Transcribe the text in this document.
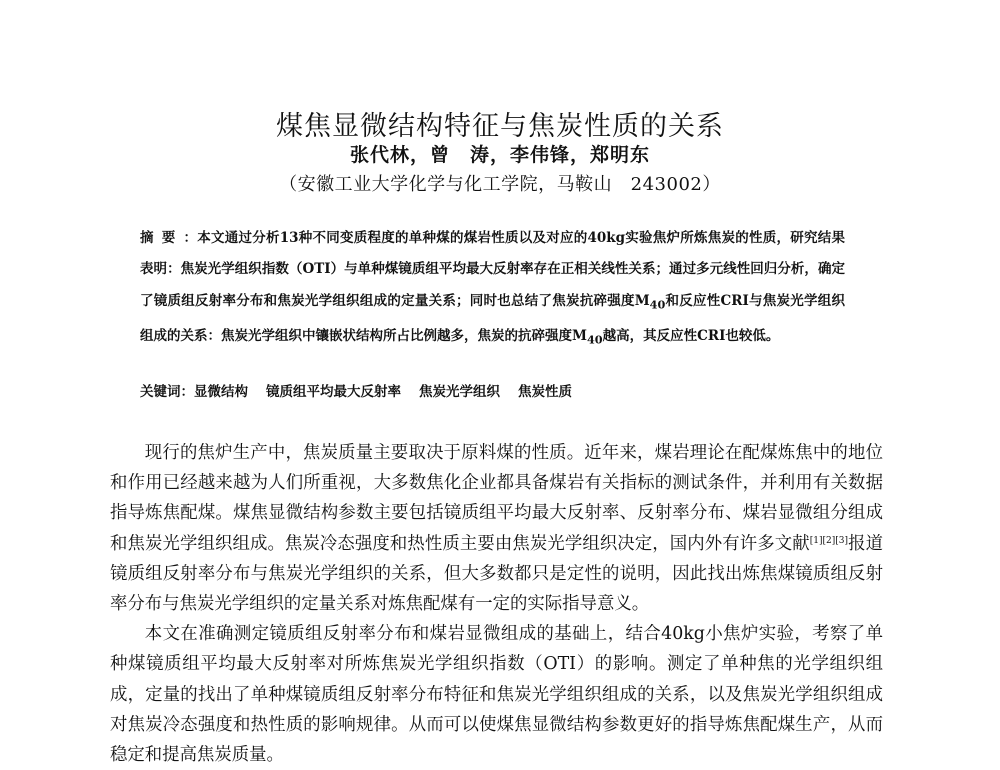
煤焦显微结构特征与焦炭性质的关系
张代林，曾　涛，李伟锋，郑明东
（安徽工业大学化学与化工学院，马鞍山　243002）
摘要：本文通过分析13种不同变质程度的单种煤的煤岩性质以及对应的40kg实验焦炉所炼焦炭的性质，研究结果表明：焦炭光学组织指数（OTI）与单种煤镜质组平均最大反射率存在正相关线性关系；通过多元线性回归分析，确定了镜质组反射率分布和焦炭光学组织组成的定量关系；同时也总结了焦炭抗碎强度$M_{40}$和反应性CRI与焦炭光学组织组成的关系：焦炭光学组织中镶嵌状结构所占比例越多，焦炭的抗碎强度$M_{40}$越高，其反应性CRI也较低。
关键词：显微结构 镜质组平均最大反射率 焦炭光学组织 焦炭性质

现行的焦炉生产中，焦炭质量主要取决于原料煤的性质。近年来，煤岩理论在配煤炼焦中的地位和作用已经越来越为人们所重视，大多数焦化企业都具备煤岩有关指标的测试条件，并利用有关数据指导炼焦配煤。煤焦显微结构参数主要包括镜质组平均最大反射率、反射率分布、煤岩显微组分组成和焦炭光学组织组成。焦炭冷态强度和热性质主要由焦炭光学组织决定，国内外有许多文献[1][2][3]报道镜质组反射率分布与焦炭光学组织的关系，但大多数都只是定性的说明，因此找出炼焦煤镜质组反射率分布与焦炭光学组织的定量关系对炼焦配煤有一定的实际指导意义。

本文在准确测定镜质组反射率分布和煤岩显微组成的基础上，结合40kg小焦炉实验，考察了单种煤镜质组平均最大反射率对所炼焦炭光学组织指数（OTI）的影响。测定了单种焦的光学组织组成，定量的找出了单种煤镜质组反射率分布特征和焦炭光学组织组成的关系，以及焦炭光学组织组成对焦炭冷态强度和热性质的影响规律。从而可以使煤焦显微结构参数更好的指导炼焦配煤生产，从而稳定和提高焦炭质量。
